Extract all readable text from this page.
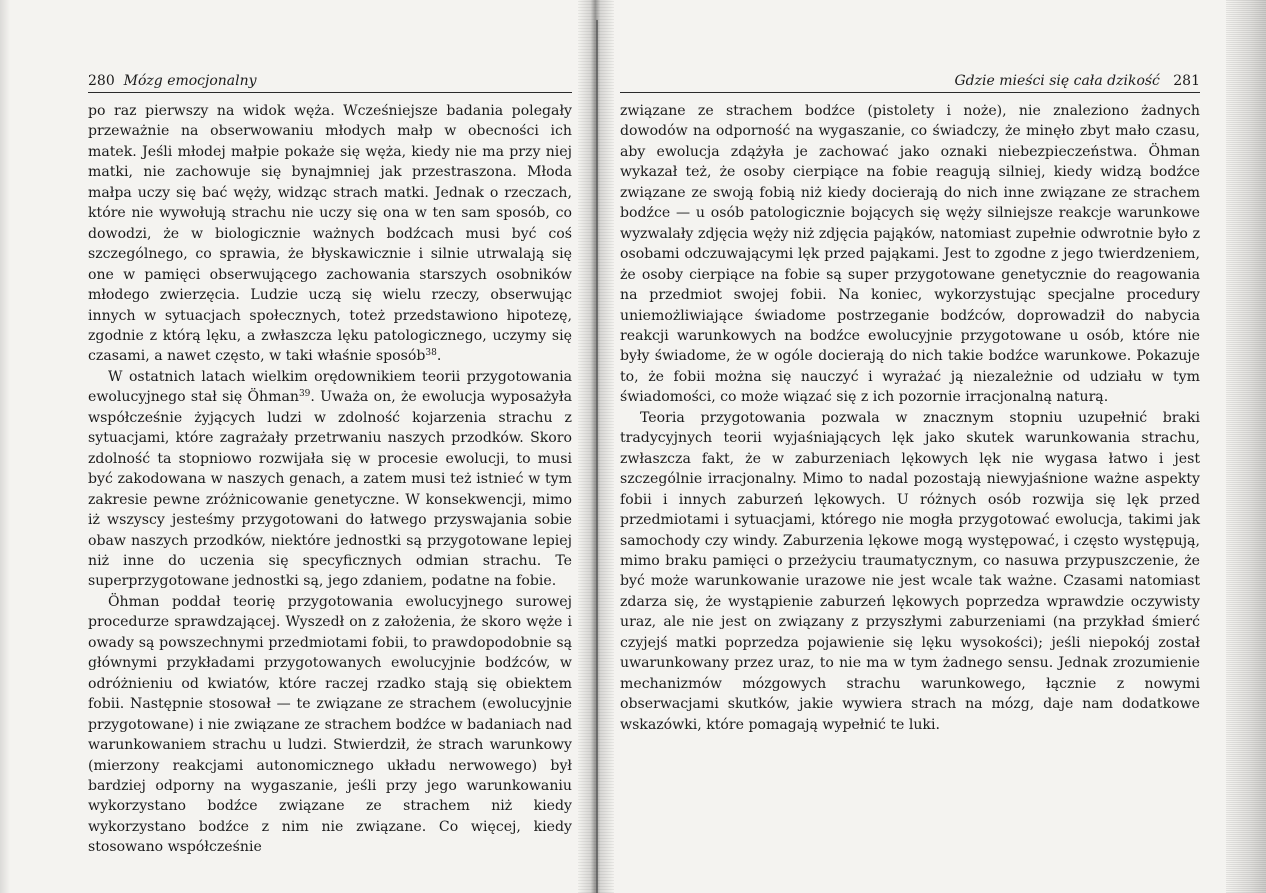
280 Mózg emocjonalny

po raz pierwszy na widok węża. Wcześniejsze badania polegały przeważnie na obserwowaniu młodych małp w obecności ich matek. Jeśli młodej małpie pokaże się węża, kiedy nie ma przy niej matki, nie zachowuje się bynajmniej jak przestraszona. Młoda małpa uczy się bać węży, widząc strach matki. Jednak o rzeczach, które nie wywołują strachu nie uczy się ona w ten sam sposób, co dowodzi, że w biologicznie ważnych bodźcach musi być coś szczególnego, co sprawia, że błyskawicznie i silnie utrwalają się one w pamięci obserwującego zachowania starszych osobników młodego zwierzęcia. Ludzie uczą się wielu rzeczy, obserwując innych w sytuacjach społecznych, toteż przedstawiono hipotezę, zgodnie z którą lęku, a zwłaszcza lęku patologicznego, uczymy się czasami, a nawet często, w taki właśnie sposób$^{38}$.

W ostatnich latach wielkim orędownikiem teorii przygotowania ewolucyjnego stał się Öhman$^{39}$. Uważa on, że ewolucja wyposażyła współcześnie żyjących ludzi w zdolność kojarzenia strachu z sytuacjami, które zagrażały przetrwaniu naszych przodków. Skoro zdolność ta stopniowo rozwijała się w procesie ewolucji, to musi być zakodowana w naszych genach, a zatem musi też istnieć w tym zakresie pewne zróżnicowanie genetyczne. W konsekwencji, mimo iż wszyscy jesteśmy przygotowani do łatwego przyswajania sobie obaw naszych przodków, niektóre jednostki są przygotowane lepiej niż inne do uczenia się specyficznych odmian strachu. Te superprzygotowane jednostki są, jego zdaniem, podatne na fobie.

Öhman poddał teorię przygotowania ewolucyjnego surowej procedurze sprawdzającej. Wyszedł on z założenia, że skoro węże i owady są powszechnymi przedmiotami fobii, to prawdopodobnie są głównymi przykładami przygotowanych ewolucyjnie bodźców, w odróżnieniu od kwiatów, które raczej rzadko stają się obiektem fobii. Następnie stosował — te związane ze strachem (ewolucyjnie przygotowane) i nie związane ze strachem bodźce w badaniach nad warunkowaniem strachu u ludzi. Stwierdził, że strach warunkowy (mierzony reakcjami autonomicznego układu nerwowego) był bardziej odporny na wygaszanie, jeśli przy jego warunkowaniu wykorzystano bodźce związane ze strachem niż kiedy wykorzystano bodźce z nim nie związane. Co więcej, kiedy stosowano współcześnie

Gdzie mieści się cała dzikość 281

związane ze strachem bodźce (pistolety i noże), nie znaleziono żadnych dowodów na odporność na wygaszanie, co świadczy, że minęło zbyt mało czasu, aby ewolucja zdążyła je zachować jako oznaki niebezpieczeństwa. Öhman wykazał też, że osoby cierpiące na fobie reagują silniej, kiedy widzą bodźce związane ze swoją fobią niż kiedy docierają do nich inne związane ze strachem bodźce — u osób patologicznie bojących się węży silniejsze reakcje warunkowe wyzwalały zdjęcia węży niż zdjęcia pająków, natomiast zupełnie odwrotnie było z osobami odczuwającymi lęk przed pająkami. Jest to zgodne z jego twierdzeniem, że osoby cierpiące na fobie są super przygotowane genetycznie do reagowania na przedmiot swojej fobii. Na koniec, wykorzystując specjalne procedury uniemożliwiające świadome postrzeganie bodźców, doprowadził do nabycia reakcji warunkowych na bodźce ewolucyjnie przygotowane u osób, które nie były świadome, że w ogóle docierają do nich takie bodźce warunkowe. Pokazuje to, że fobii można się nauczyć i wyrażać ją niezależnie od udziału w tym świadomości, co może wiązać się z ich pozornie irracjonalną naturą.

Teoria przygotowania pozwala w znacznym stopniu uzupełnić braki tradycyjnych teorii wyjaśniających lęk jako skutek warunkowania strachu, zwłaszcza fakt, że w zaburzeniach lękowych lęk nie wygasa łatwo i jest szczególnie irracjonalny. Mimo to nadal pozostają niewyjaśnione ważne aspekty fobii i innych zaburzeń lękowych. U różnych osób rozwija się lęk przed przedmiotami i sytuacjami, którego nie mogła przygotować ewolucja, takimi jak samochody czy windy. Zaburzenia lękowe mogą występować, i często występują, mimo braku pamięci o przeżyciu traumatycznym, co nasuwa przypuszczenie, że być może warunkowanie urazowe nie jest wcale tak ważne. Czasami natomiast zdarza się, że wystąpienie zaburzeń lękowych poprzedza wprawdzie oczywisty uraz, ale nie jest on związany z przyszłymi zaburzeniami (na przykład śmierć czyjejś matki poprzedza pojawienie się lęku wysokości); jeśli niepokój został uwarunkowany przez uraz, to nie ma w tym żadnego sensu. Jednak zrozumienie mechanizmów mózgowych strachu warunkowego, łącznie z nowymi obserwacjami skutków, jakie wywiera strach na mózg, daje nam dodatkowe wskazówki, które pomagają wypełnić te luki.
